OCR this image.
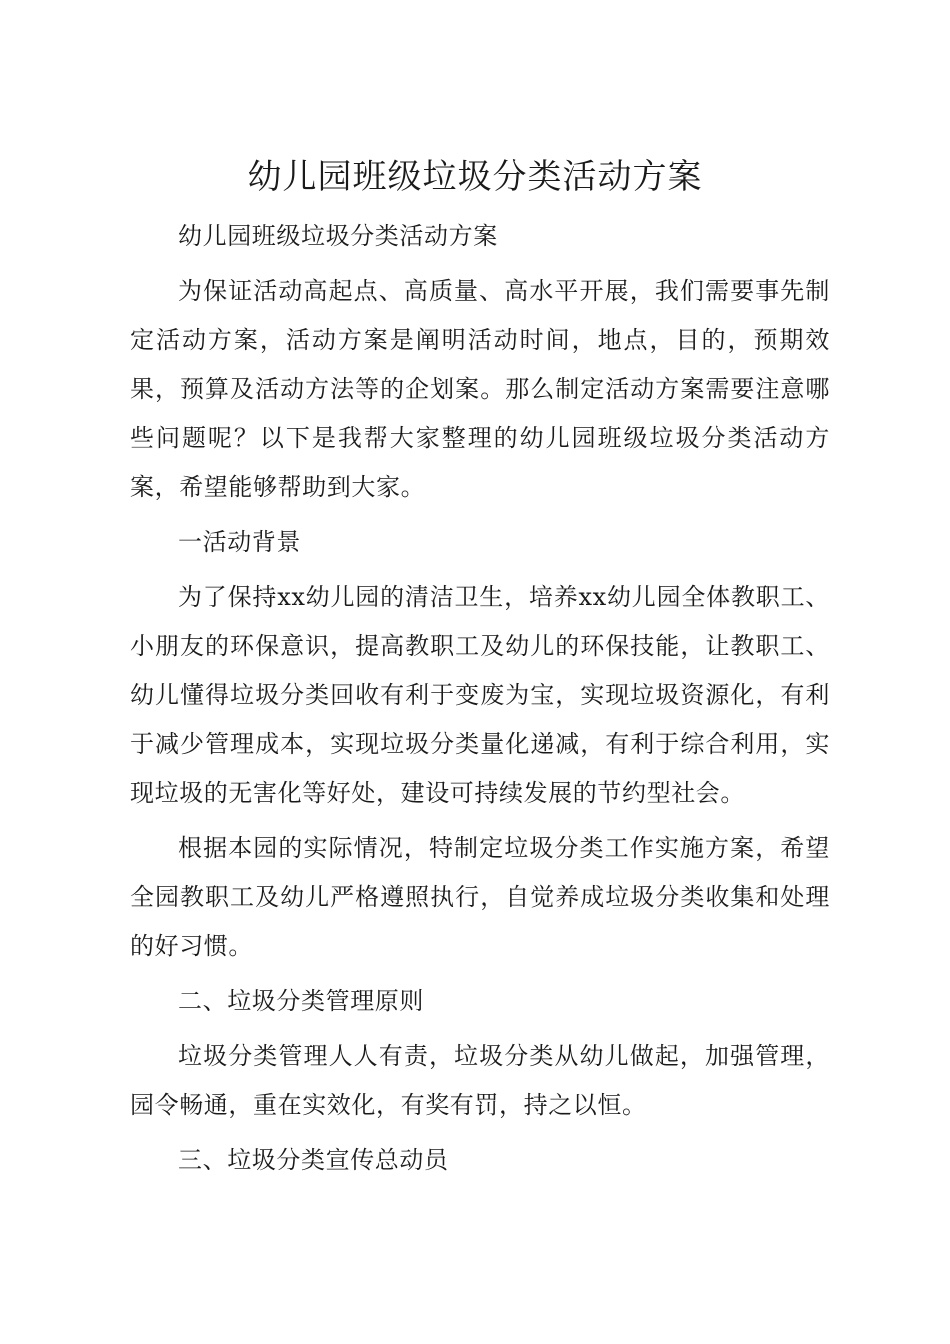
幼儿园班级垃圾分类活动方案

幼儿园班级垃圾分类活动方案

为保证活动高起点、高质量、高水平开展，我们需要事先制定活动方案，活动方案是阐明活动时间，地点，目的，预期效果，预算及活动方法等的企划案。那么制定活动方案需要注意哪些问题呢？以下是我帮大家整理的幼儿园班级垃圾分类活动方案，希望能够帮助到大家。

一活动背景

为了保持xx幼儿园的清洁卫生，培养xx幼儿园全体教职工、小朋友的环保意识，提高教职工及幼儿的环保技能，让教职工、幼儿懂得垃圾分类回收有利于变废为宝，实现垃圾资源化，有利于减少管理成本，实现垃圾分类量化递减，有利于综合利用，实现垃圾的无害化等好处，建设可持续发展的节约型社会。

根据本园的实际情况，特制定垃圾分类工作实施方案，希望全园教职工及幼儿严格遵照执行，自觉养成垃圾分类收集和处理的好习惯。

二、垃圾分类管理原则

垃圾分类管理人人有责，垃圾分类从幼儿做起，加强管理，园令畅通，重在实效化，有奖有罚，持之以恒。

三、垃圾分类宣传总动员
